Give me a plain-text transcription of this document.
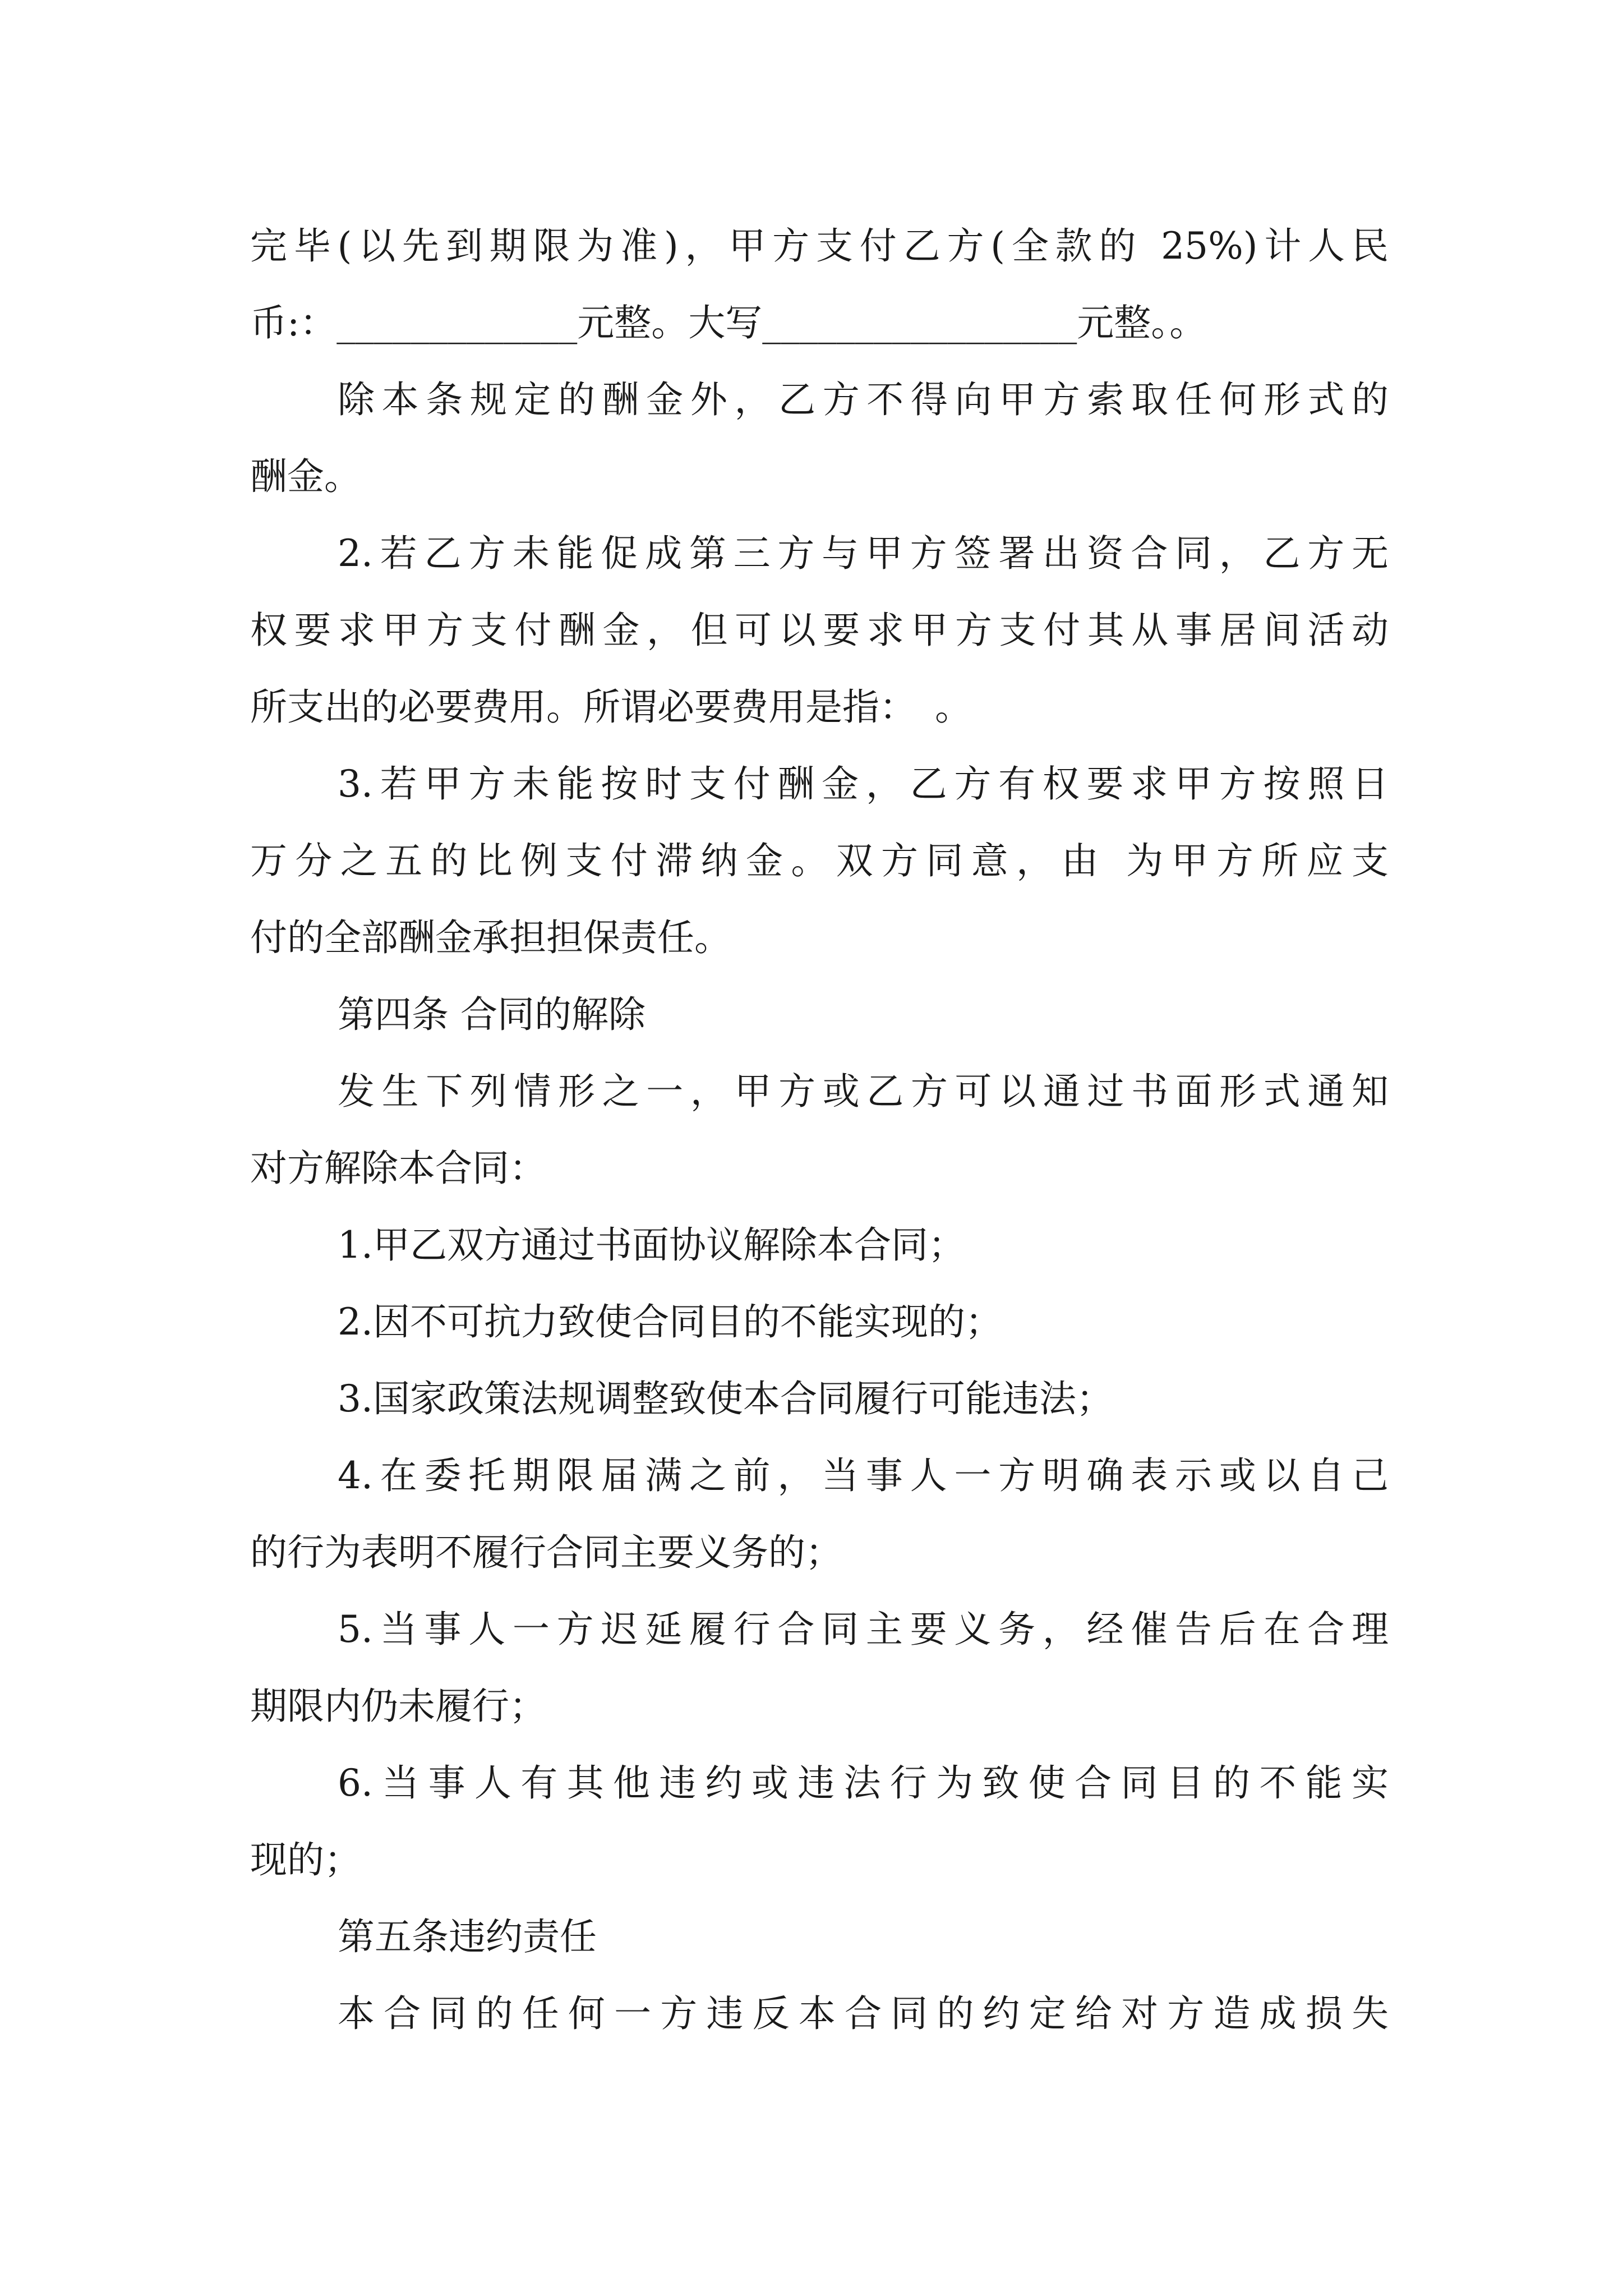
完毕(以先到期限为准)，甲方支付乙方(全款的 25%)计人民
币:：_____________元整。大写_________________元整。。
除本条规定的酬金外，乙方不得向甲方索取任何形式的
酬金。
2.若乙方未能促成第三方与甲方签署出资合同，乙方无
权要求甲方支付酬金，但可以要求甲方支付其从事居间活动
所支出的必要费用。所谓必要费用是指：　。
3.若甲方未能按时支付酬金，乙方有权要求甲方按照日
万分之五的比例支付滞纳金。双方同意，由 为甲方所应支
付的全部酬金承担担保责任。
第四条 合同的解除
发生下列情形之一，甲方或乙方可以通过书面形式通知
对方解除本合同：
1.甲乙双方通过书面协议解除本合同；
2.因不可抗力致使合同目的不能实现的；
3.国家政策法规调整致使本合同履行可能违法；
4.在委托期限届满之前，当事人一方明确表示或以自己
的行为表明不履行合同主要义务的；
5.当事人一方迟延履行合同主要义务，经催告后在合理
期限内仍未履行；
6.当事人有其他违约或违法行为致使合同目的不能实
现的；
第五条违约责任
本合同的任何一方违反本合同的约定给对方造成损失
